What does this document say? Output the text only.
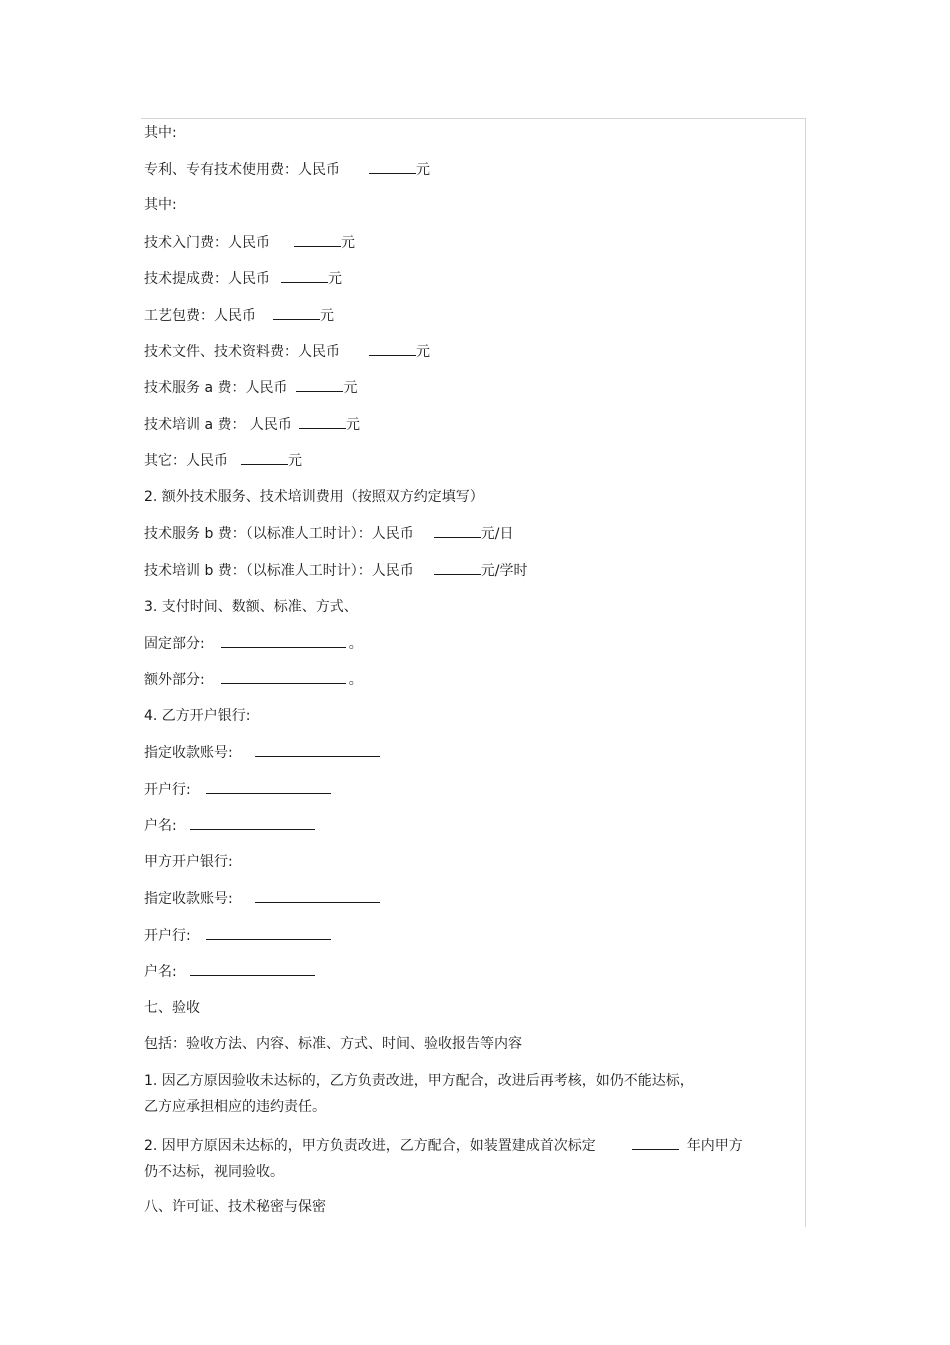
其中:
专利、专有技术使用费：人民币	元
其中:
技术入门费：人民币	元
技术提成费：人民币	元
工艺包费：人民币	元
技术文件、技术资料费：人民币	元
技术服务 a 费：人民币	元
技术培训 a 费： 人民币	元
其它：人民币	元
2. 额外技术服务、技术培训费用（按照双方约定填写）
技术服务 b 费：（以标准人工时计）：人民币	元/日
技术培训 b 费：（以标准人工时计）：人民币	元/学时
3. 支付时间、数额、标准、方式、
固定部分:	。
额外部分:	。
4. 乙方开户银行:
指定收款账号:
开户行:
户名:
甲方开户银行:
指定收款账号:
开户行:
户名:
七、验收
包括：验收方法、内容、标准、方式、时间、验收报告等内容
1. 因乙方原因验收未达标的，乙方负责改进，甲方配合，改进后再考核，如仍不能达标，
乙方应承担相应的违约责任。
2. 因甲方原因未达标的，甲方负责改进，乙方配合，如装置建成首次标定	年内甲方
仍不达标，视同验收。
八、许可证、技术秘密与保密
